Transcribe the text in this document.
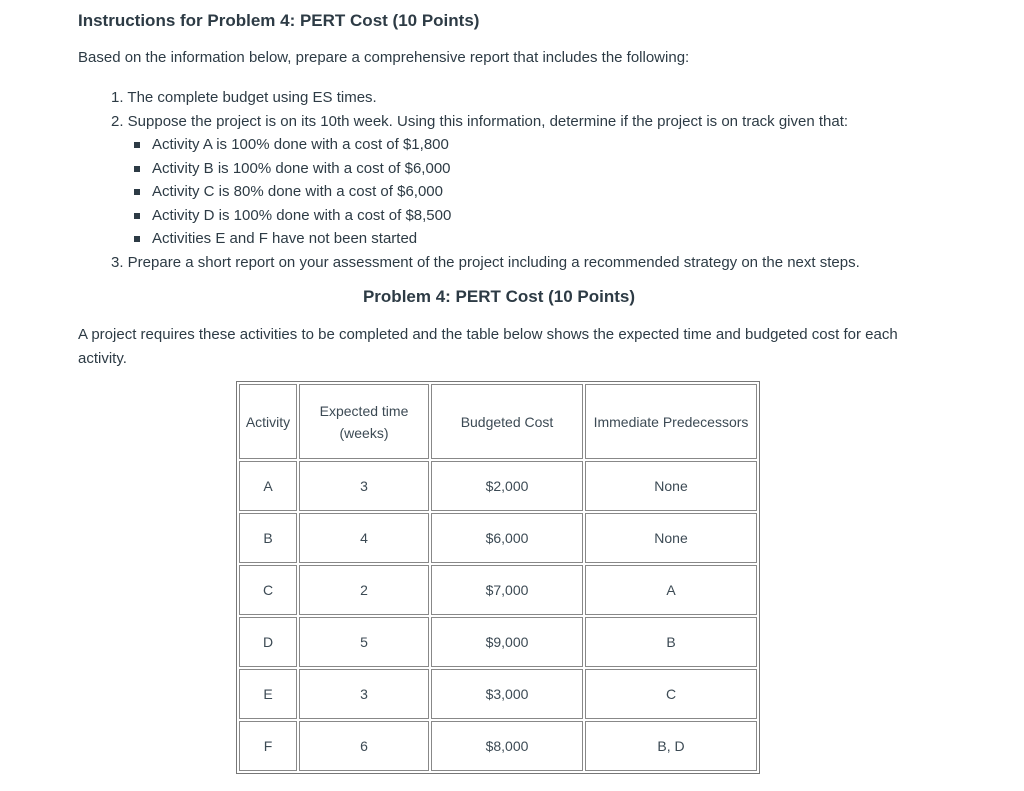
Instructions for Problem 4: PERT Cost (10 Points)
Based on the information below, prepare a comprehensive report that includes the following:
1. The complete budget using ES times.
2. Suppose the project is on its 10th week. Using this information, determine if the project is on track given that:
Activity A is 100% done with a cost of $1,800
Activity B is 100% done with a cost of $6,000
Activity C is 80% done with a cost of $6,000
Activity D is 100% done with a cost of $8,500
Activities E and F have not been started
3. Prepare a short report on your assessment of the project including a recommended strategy on the next steps.
Problem 4: PERT Cost (10 Points)
A project requires these activities to be completed and the table below shows the expected time and budgeted cost for each activity.
Activity	Expected time (weeks)	Budgeted Cost	Immediate Predecessors
A	3	$2,000	None
B	4	$6,000	None
C	2	$7,000	A
D	5	$9,000	B
E	3	$3,000	C
F	6	$8,000	B, D
